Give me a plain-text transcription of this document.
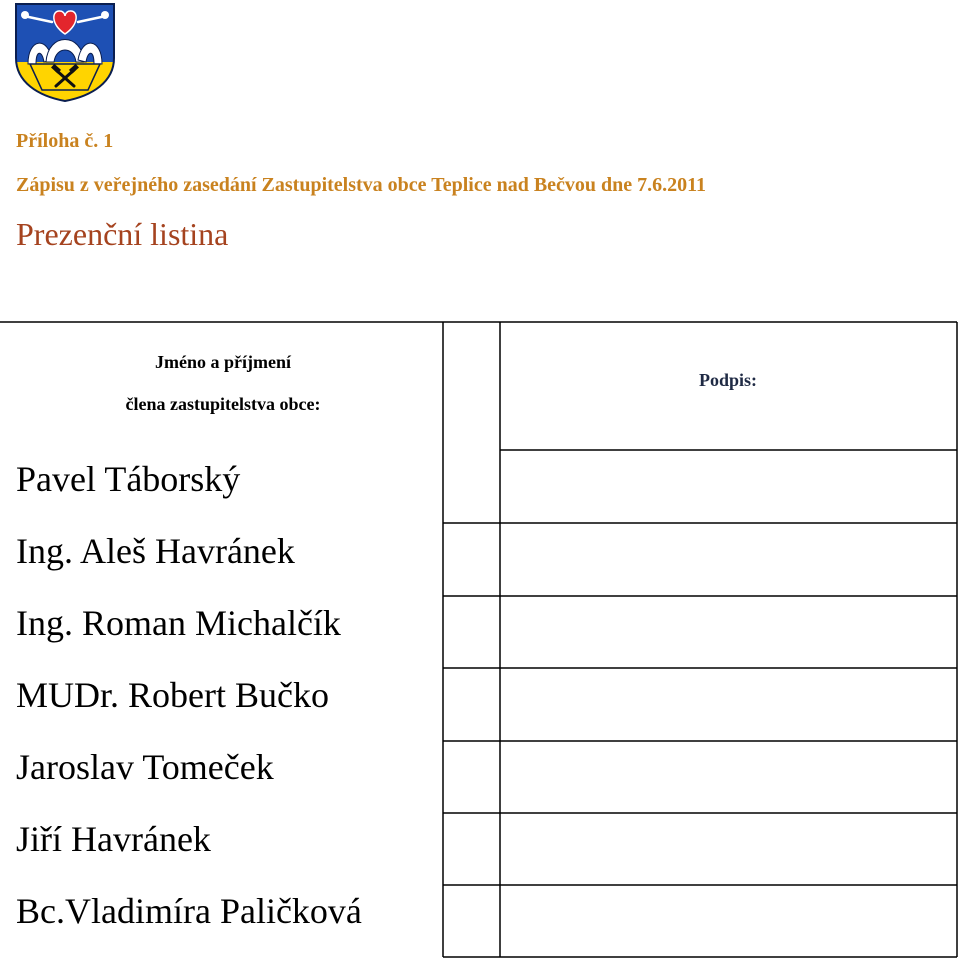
Příloha č. 1

Zápisu z veřejného zasedání Zastupitelstva obce Teplice nad Bečvou dne 7.6.2011

Prezenční listina
Jméno a příjmení
člena zastupitelstva obce:
Podpis:
Pavel Táborský
Ing. Aleš Havránek
Ing. Roman Michalčík
MUDr. Robert Bučko
Jaroslav Tomeček
Jiří Havránek
Bc.Vladimíra Paličková
